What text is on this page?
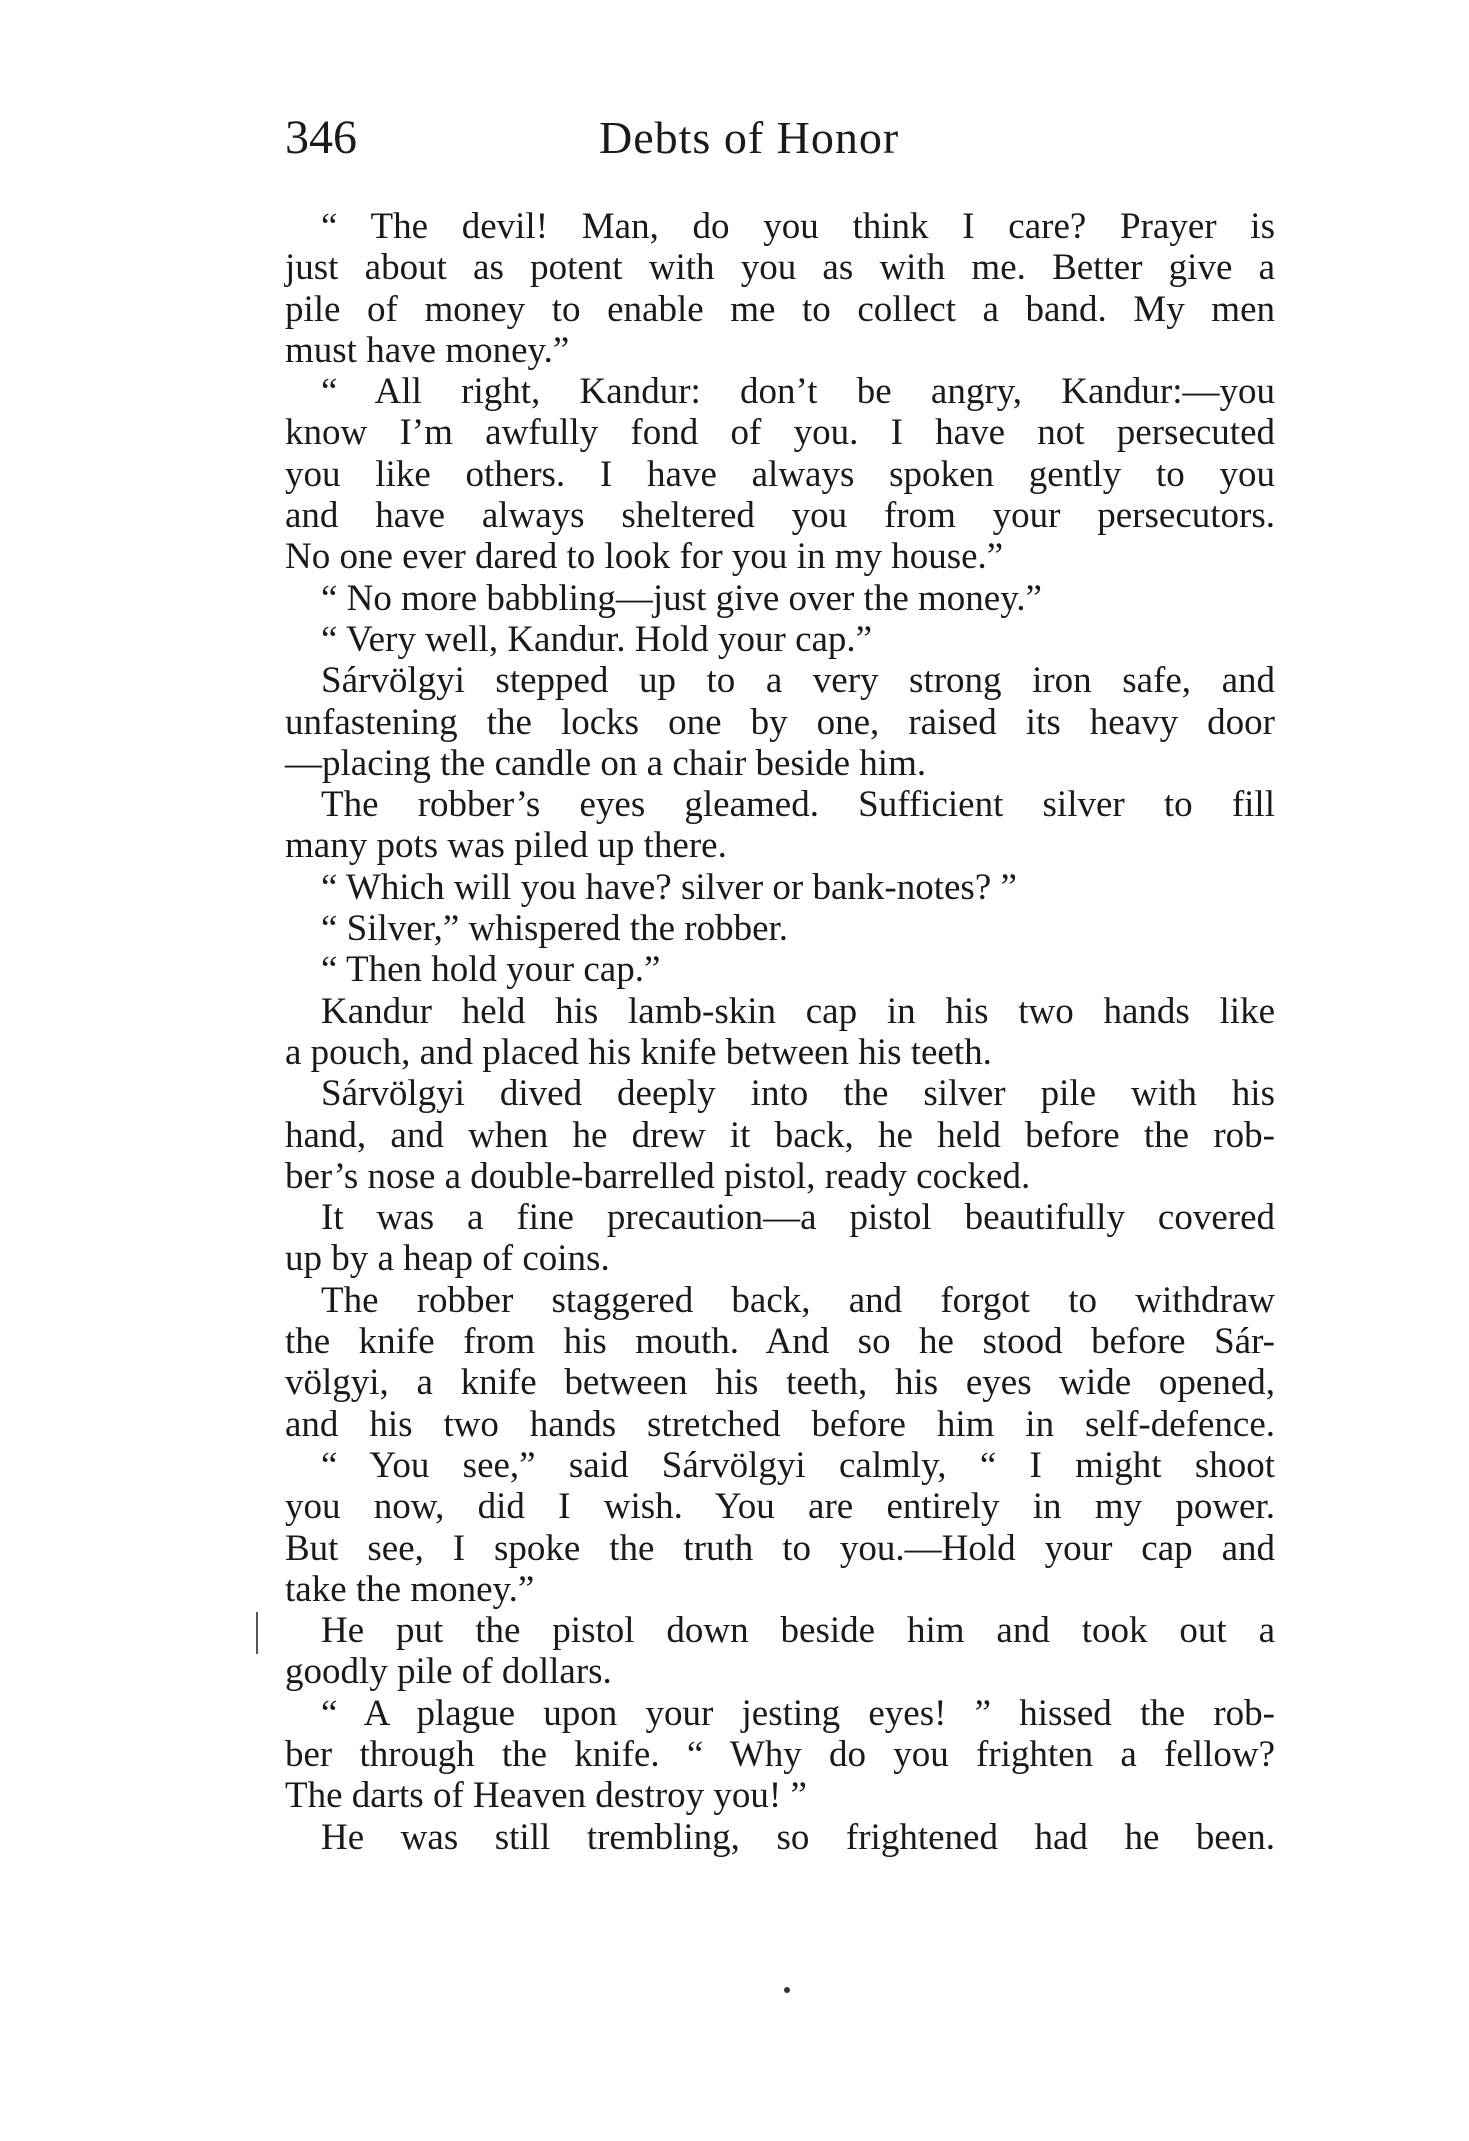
346	Debts of Honor
“ The devil! Man, do you think I care? Prayer is
just about as potent with you as with me. Better give a
pile of money to enable me to collect a band. My men
must have money.”
“ All right, Kandur: don’t be angry, Kandur:—you
know I’m awfully fond of you. I have not persecuted
you like others. I have always spoken gently to you
and have always sheltered you from your persecutors.
No one ever dared to look for you in my house.”
“ No more babbling—just give over the money.”
“ Very well, Kandur. Hold your cap.”
Sárvölgyi stepped up to a very strong iron safe, and
unfastening the locks one by one, raised its heavy door
—placing the candle on a chair beside him.
The robber’s eyes gleamed. Sufficient silver to fill
many pots was piled up there.
“ Which will you have? silver or bank-notes? ”
“ Silver,” whispered the robber.
“ Then hold your cap.”
Kandur held his lamb-skin cap in his two hands like
a pouch, and placed his knife between his teeth.
Sárvölgyi dived deeply into the silver pile with his
hand, and when he drew it back, he held before the rob-
ber’s nose a double-barrelled pistol, ready cocked.
It was a fine precaution—a pistol beautifully covered
up by a heap of coins.
The robber staggered back, and forgot to withdraw
the knife from his mouth. And so he stood before Sár-
völgyi, a knife between his teeth, his eyes wide opened,
and his two hands stretched before him in self-defence.
“ You see,” said Sárvölgyi calmly, “ I might shoot
you now, did I wish. You are entirely in my power.
But see, I spoke the truth to you.—Hold your cap and
take the money.”
He put the pistol down beside him and took out a
goodly pile of dollars.
“ A plague upon your jesting eyes! ” hissed the rob-
ber through the knife. “ Why do you frighten a fellow?
The darts of Heaven destroy you! ”
He was still trembling, so frightened had he been.
